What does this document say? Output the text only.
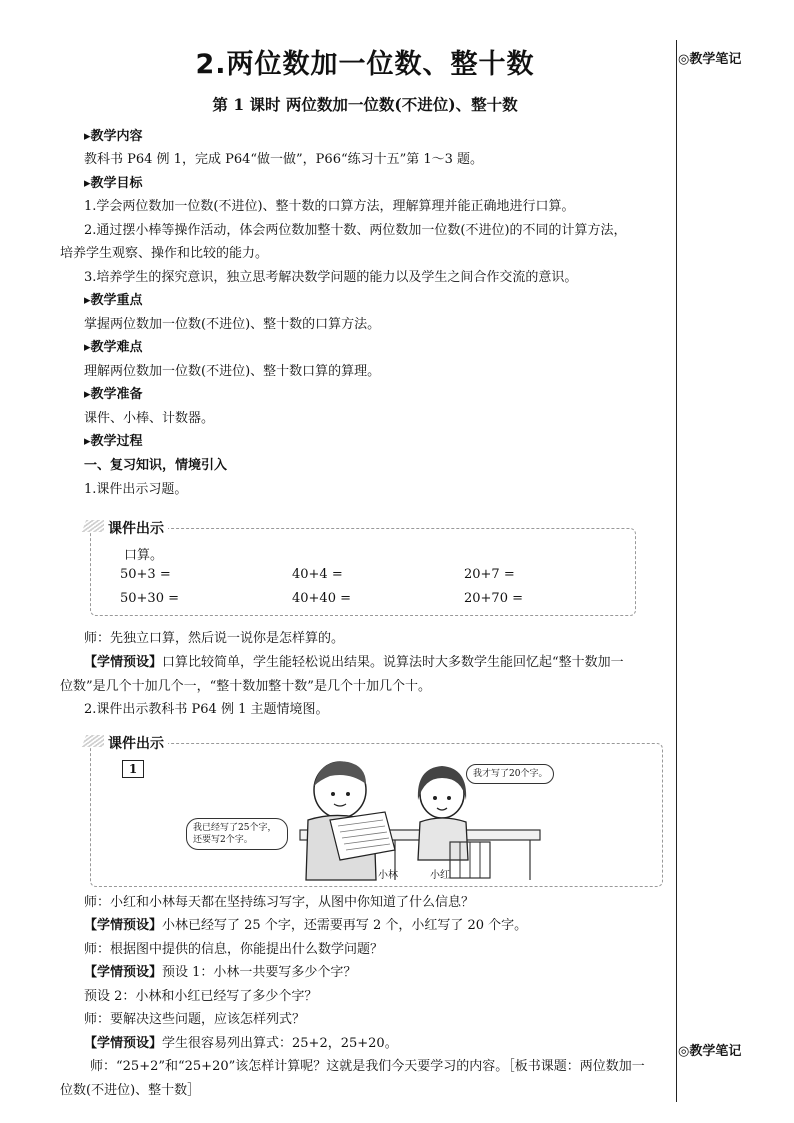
2.两位数加一位数、整十数
第 1 课时 两位数加一位数(不进位)、整十数
◎教学笔记
◎教学笔记
▸教学内容
教科书 P64 例 1，完成 P64“做一做”，P66“练习十五”第 1～3 题。
▸教学目标
1.学会两位数加一位数(不进位)、整十数的口算方法，理解算理并能正确地进行口算。
2.通过摆小棒等操作活动，体会两位数加整十数、两位数加一位数(不进位)的不同的计算方法，
培养学生观察、操作和比较的能力。
3.培养学生的探究意识，独立思考解决数学问题的能力以及学生之间合作交流的意识。
▸教学重点
掌握两位数加一位数(不进位)、整十数的口算方法。
▸教学难点
理解两位数加一位数(不进位)、整十数口算的算理。
▸教学准备
课件、小棒、计数器。
▸教学过程
一、复习知识，情境引入
1.课件出示习题。
课件出示
口算。
50+3 =	40+4 =	20+7 =
50+30 =	40+40 =	20+70 =
师：先独立口算，然后说一说你是怎样算的。
【学情预设】口算比较简单，学生能轻松说出结果。说算法时大多数学生能回忆起“整十数加一
位数”是几个十加几个一，“整十数加整十数”是几个十加几个十。
2.课件出示教科书 P64 例 1 主题情境图。
课件出示
1
我已经写了25个字，
还要写2个字。
我才写了20个字。
小林	小红
师：小红和小林每天都在坚持练习写字，从图中你知道了什么信息？
【学情预设】小林已经写了 25 个字，还需要再写 2 个，小红写了 20 个字。
师：根据图中提供的信息，你能提出什么数学问题？
【学情预设】预设 1：小林一共要写多少个字？
预设 2：小林和小红已经写了多少个字？
师：要解决这些问题，应该怎样列式？
【学情预设】学生很容易列出算式：25+2，25+20。
师：“25+2”和“25+20”该怎样计算呢？这就是我们今天要学习的内容。［板书课题：两位数加一
位数(不进位)、整十数］
